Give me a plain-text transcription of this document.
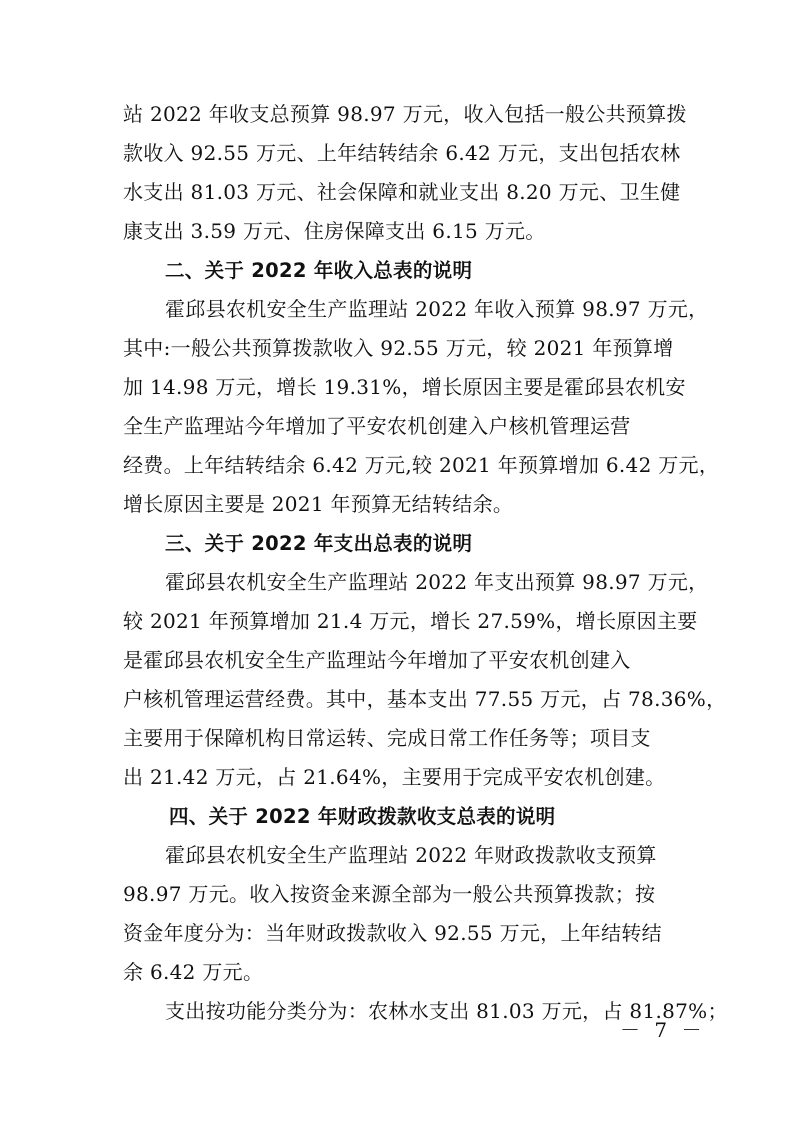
站 2022 年收支总预算 98.97 万元，收入包括一般公共预算拨
款收入 92.55 万元、上年结转结余 6.42 万元，支出包括农林
水支出 81.03 万元、社会保障和就业支出 8.20 万元、卫生健
康支出 3.59 万元、住房保障支出 6.15 万元。
二、关于 2022 年收入总表的说明
霍邱县农机安全生产监理站 2022 年收入预算 98.97 万元，
其中:一般公共预算拨款收入 92.55 万元，较 2021 年预算增
加 14.98 万元，增长 19.31%，增长原因主要是霍邱县农机安
全生产监理站今年增加了平安农机创建入户核机管理运营
经费。上年结转结余 6.42 万元,较 2021 年预算增加 6.42 万元，
增长原因主要是 2021 年预算无结转结余。
三、关于 2022 年支出总表的说明
霍邱县农机安全生产监理站 2022 年支出预算 98.97 万元，
较 2021 年预算增加 21.4 万元，增长 27.59%，增长原因主要
是霍邱县农机安全生产监理站今年增加了平安农机创建入
户核机管理运营经费。其中，基本支出 77.55 万元，占 78.36%，
主要用于保障机构日常运转、完成日常工作任务等；项目支
出 21.42 万元，占 21.64%，主要用于完成平安农机创建。
四、关于 2022 年财政拨款收支总表的说明
霍邱县农机安全生产监理站 2022 年财政拨款收支预算
98.97 万元。收入按资金来源全部为一般公共预算拨款；按
资金年度分为：当年财政拨款收入 92.55 万元，上年结转结
余 6.42 万元。
支出按功能分类分为：农林水支出 81.03 万元，占 81.87%；
－ 7 －
